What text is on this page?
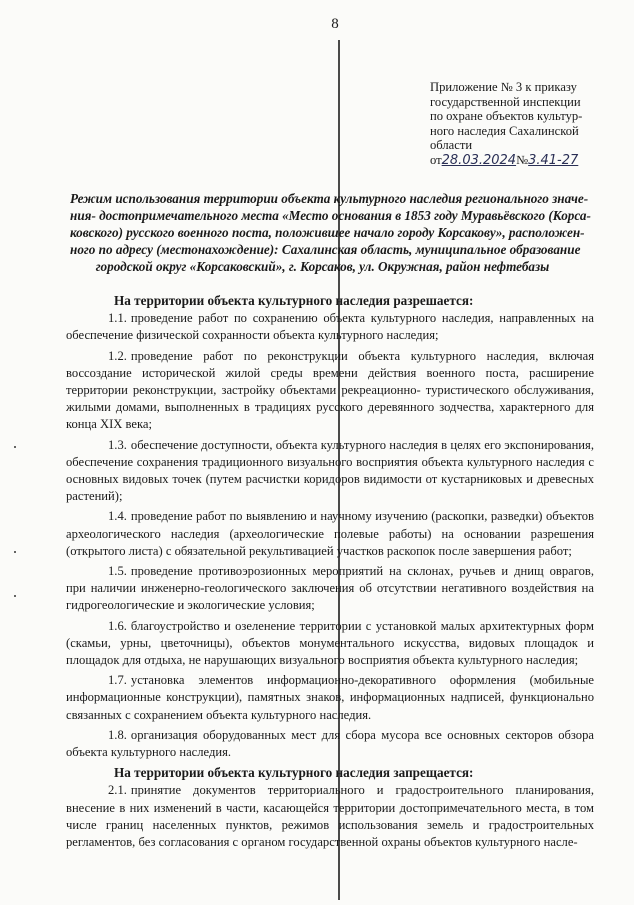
8
Приложение № 3 к приказу
государственной инспекции
по охране объектов культур-
ного наследия Сахалинской
области
от28.03.2024№3.41-27
Режим использования территории объекта культурного наследия регионального значе-
ния- достопримечательного места «Место основания в 1853 году Муравьёвского (Корса-
ковского) русского военного поста, положившее начало городу Корсакову», расположен-
ного по адресу (местонахождение): Сахалинская область, муниципальное образование
городской округ «Корсаковский», г. Корсаков, ул. Окружная, район нефтебазы
На территории объекта культурного наследия разрешается:

1.1. проведение работ по сохранению объекта культурного наследия, направленных на обеспечение физической сохранности объекта культурного наследия;

1.2. проведение работ по реконструкции объекта культурного наследия, включая воссоздание исторической жилой среды времени действия военного поста, расширение территории реконструкции, застройку объектами рекреационно- туристического обслуживания, жилыми домами, выполненных в традициях русского деревянного зодчества, характерного для конца XIX века;

1.3. обеспечение доступности, объекта культурного наследия в целях его экспонирования, обеспечение сохранения традиционного визуального восприятия объекта культурного наследия с основных видовых точек (путем расчистки коридоров видимости от кустарниковых и древесных растений);

1.4. проведение работ по выявлению и научному изучению (раскопки, разведки) объектов археологического наследия (археологические полевые работы) на основании разрешения (открытого листа) с обязательной рекультивацией участков раскопок после завершения работ;

1.5. проведение противоэрозионных мероприятий на склонах, ручьев и днищ оврагов, при наличии инженерно-геологического заключения об отсутствии негативного воздействия на гидрогеологические и экологические условия;

1.6. благоустройство и озеленение территории с установкой малых архитектурных форм (скамьи, урны, цветочницы), объектов монументального искусства, видовых площадок и площадок для отдыха, не нарушающих визуального восприятия объекта культурного наследия;

1.7. установка элементов информационно-декоративного оформления (мобильные информационные конструкции), памятных знаков, информационных надписей, функционально связанных с сохранением объекта культурного наследия.

1.8. организация оборудованных мест для сбора мусора все основных секторов обзора объекта культурного наследия.

На территории объекта культурного наследия запрещается:

2.1. принятие документов территориального и градостроительного планирования, внесение в них изменений в части, касающейся территории достопримечательного места, в том числе границ населенных пунктов, режимов использования земель и градостроительных регламентов, без согласования с органом государственной охраны объектов культурного насле-
